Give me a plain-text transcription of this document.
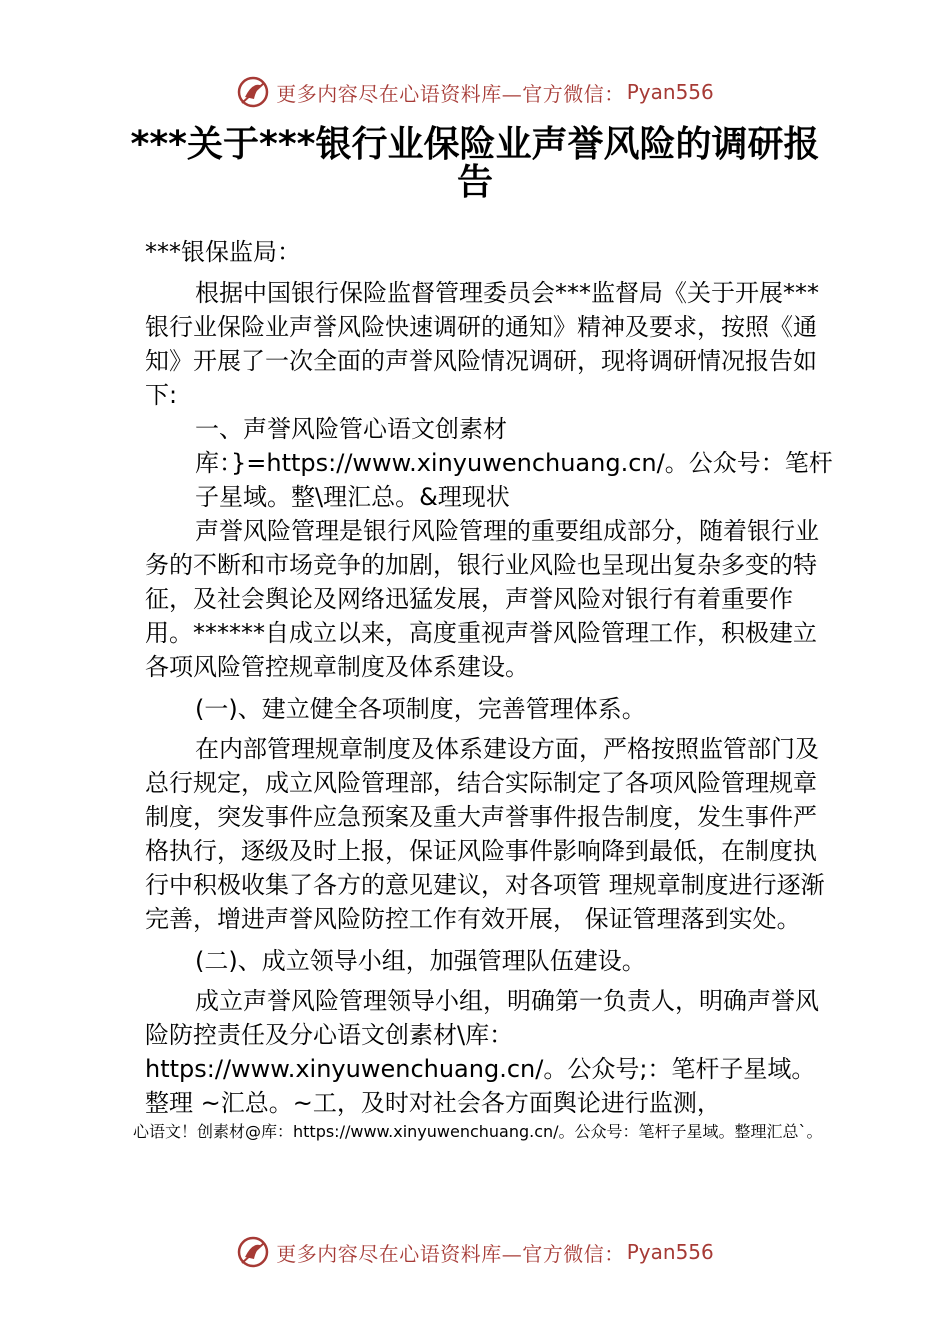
更多内容尽在心语资料库—官方微信： Pyan556
***关于***银行业保险业声誉风险的调研报告
***银保监局：

根据中国银行保险监督管理委员会***监督局《关于开展***银行业保险业声誉风险快速调研的通知》精神及要求，按照《通知》开展了一次全面的声誉风险情况调研，现将调研情况报告如下:

一、声誉风险管心语文创素材库：}=https://www.xinyuwenchuang.cn/。公众号：笔杆子星域。整\理汇总。&理现状

声誉风险管理是银行风险管理的重要组成部分，随着银行业务的不断和市场竞争的加剧，银行业风险也呈现出复杂多变的特征，及社会舆论及网络迅猛发展，声誉风险对银行有着重要作用。******自成立以来，高度重视声誉风险管理工作，积极建立各项风险管控规章制度及体系建设。

(一)、建立健全各项制度，完善管理体系。

在内部管理规章制度及体系建设方面，严格按照监管部门及总行规定，成立风险管理部，结合实际制定了各项风险管理规章制度，突发事件应急预案及重大声誉事件报告制度，发生事件严格执行，逐级及时上报，保证风险事件影响降到最低，在制度执行中积极收集了各方的意见建议，对各项管 理规章制度进行逐渐完善，增进声誉风险防控工作有效开展， 保证管理落到实处。

(二)、成立领导小组，加强管理队伍建设。

成立声誉风险管理领导小组，明确第一负责人，明确声誉风险防控责任及分心语文创素材\库：https://www.xinyuwenchuang.cn/。公众号;：笔杆子星域。整理 ~汇总。~工，及时对社会各方面舆论进行监测，

心语文！创素材@库：https://www.xinyuwenchuang.cn/。公众号：笔杆子星域。整理汇总`。
更多内容尽在心语资料库—官方微信： Pyan556
